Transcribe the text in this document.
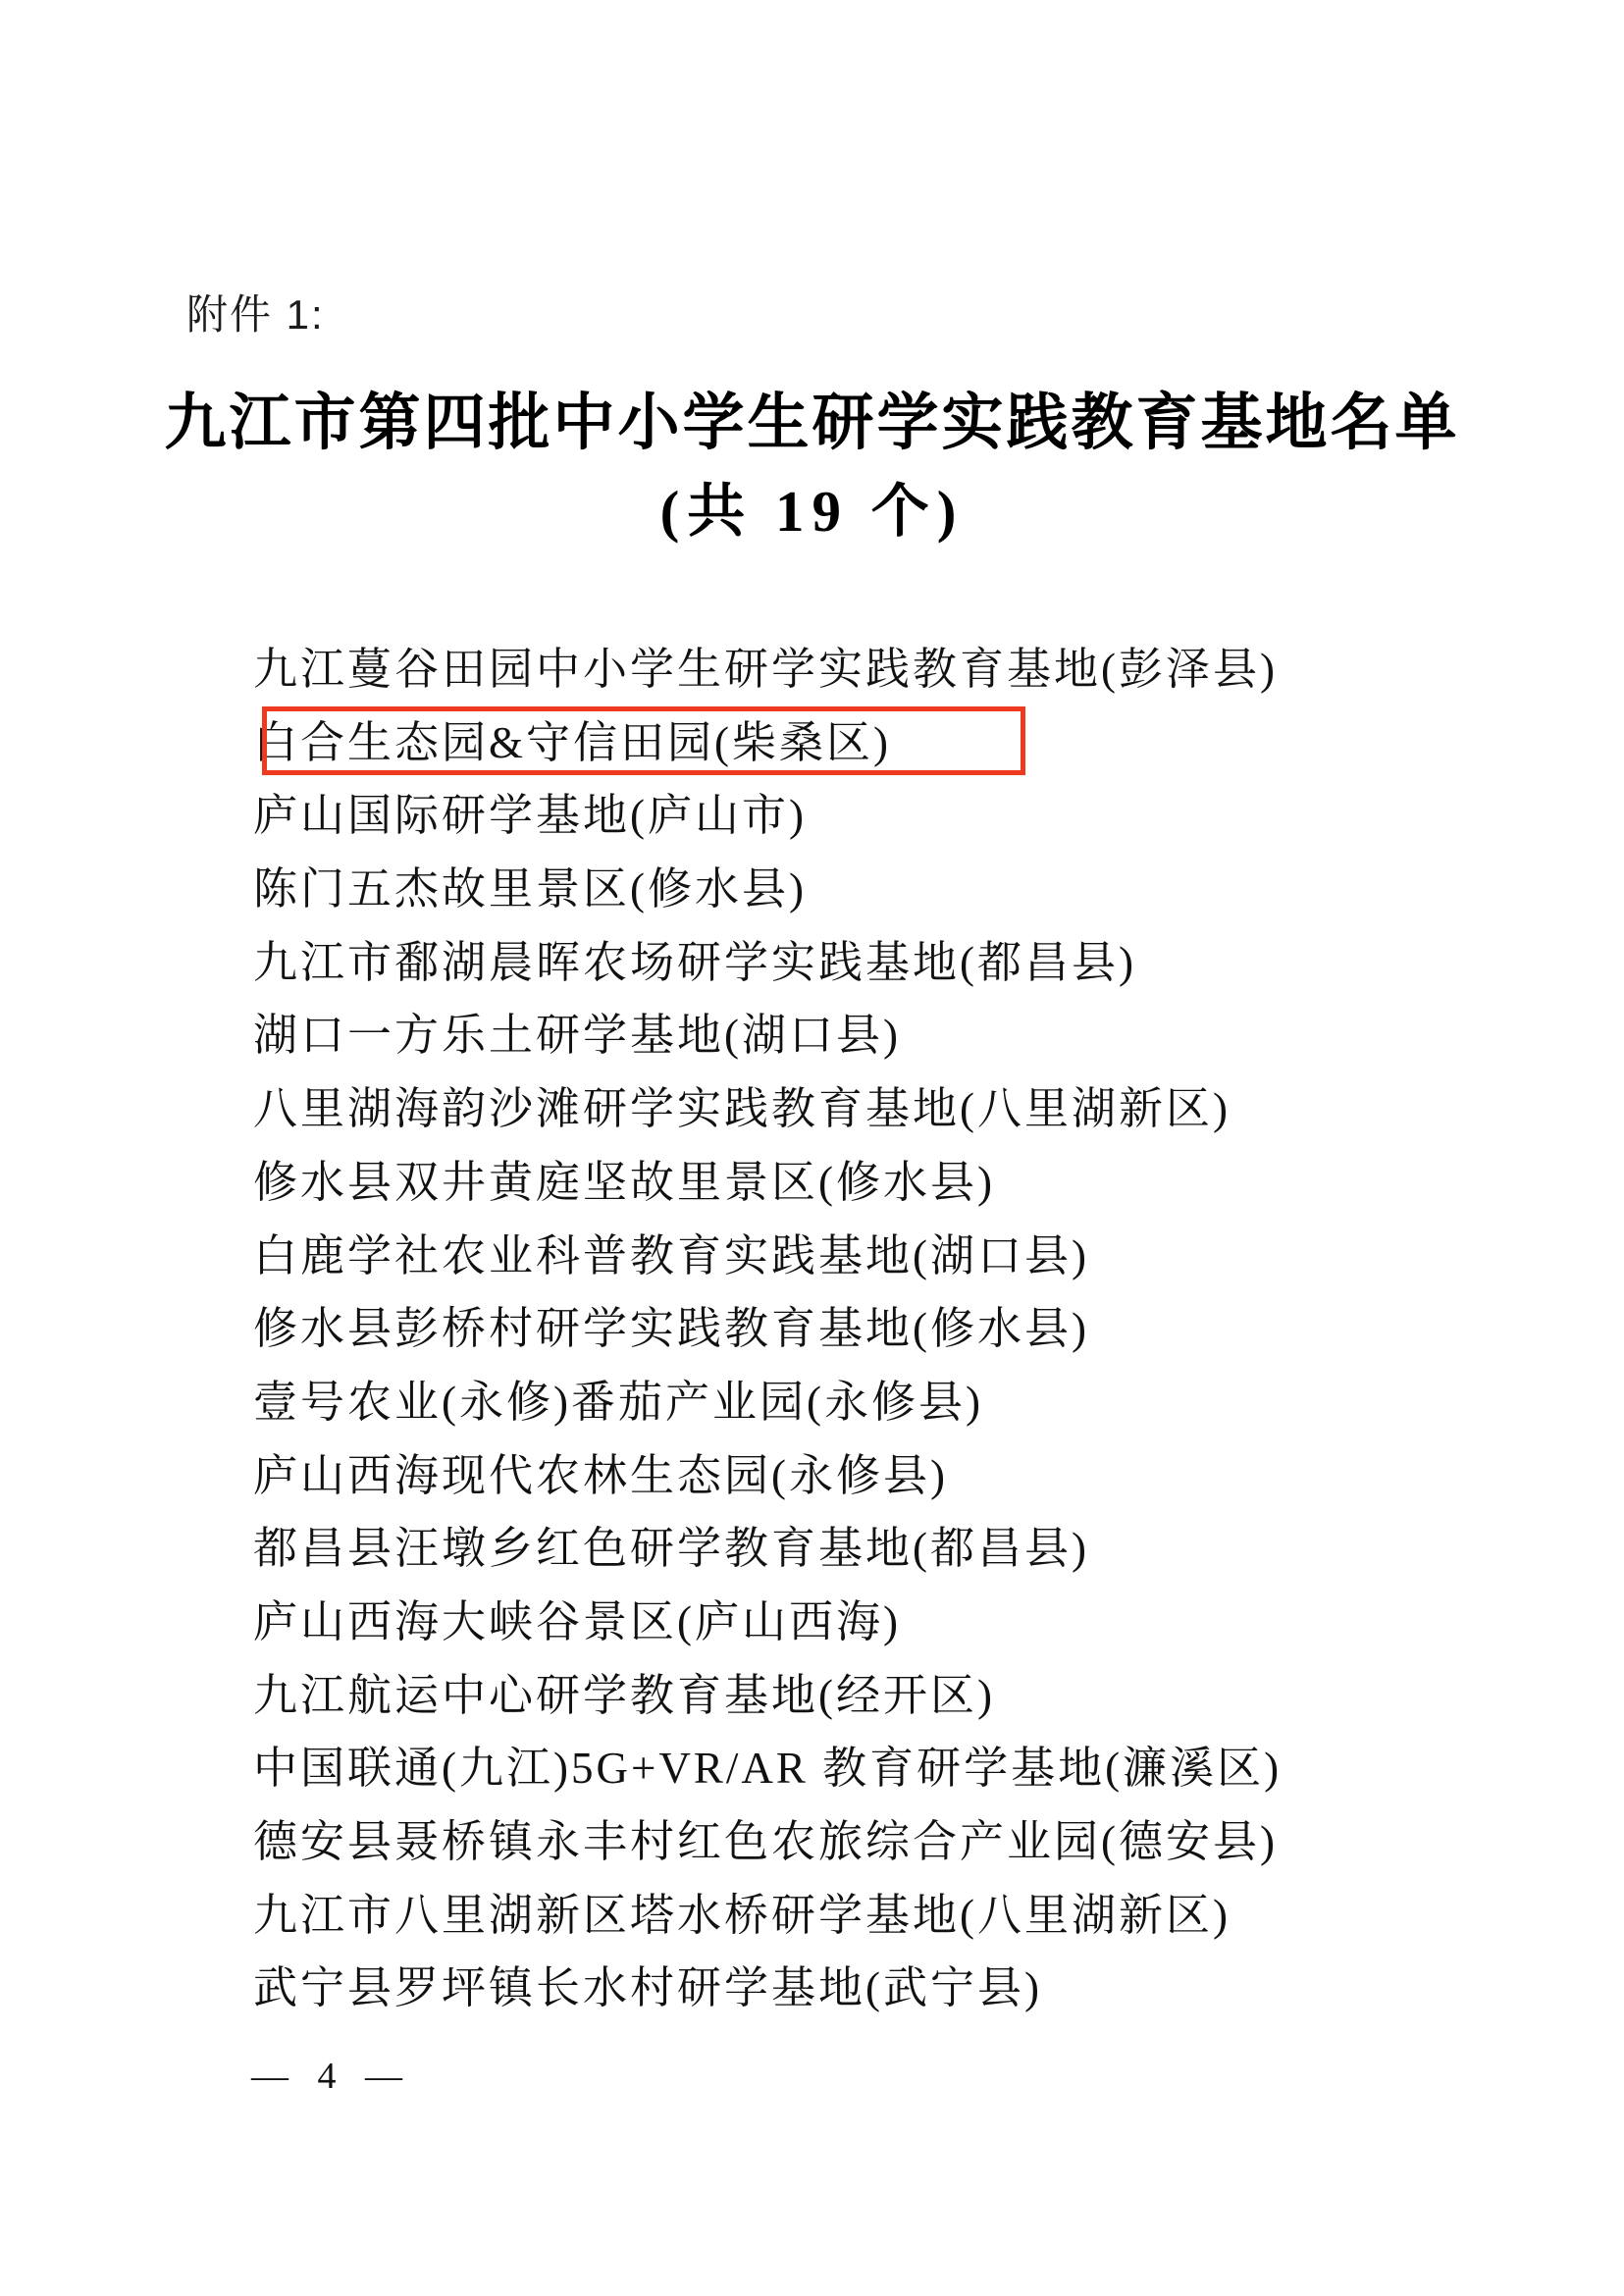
附件 1:
九江市第四批中小学生研学实践教育基地名单
(共 19 个)
九江蔓谷田园中小学生研学实践教育基地(彭泽县)
白合生态园&守信田园(柴桑区)
庐山国际研学基地(庐山市)
陈门五杰故里景区(修水县)
九江市鄱湖晨晖农场研学实践基地(都昌县)
湖口一方乐土研学基地(湖口县)
八里湖海韵沙滩研学实践教育基地(八里湖新区)
修水县双井黄庭坚故里景区(修水县)
白鹿学社农业科普教育实践基地(湖口县)
修水县彭桥村研学实践教育基地(修水县)
壹号农业(永修)番茄产业园(永修县)
庐山西海现代农林生态园(永修县)
都昌县汪墩乡红色研学教育基地(都昌县)
庐山西海大峡谷景区(庐山西海)
九江航运中心研学教育基地(经开区)
中国联通(九江)5G+VR/AR 教育研学基地(濂溪区)
德安县聂桥镇永丰村红色农旅综合产业园(德安县)
九江市八里湖新区塔水桥研学基地(八里湖新区)
武宁县罗坪镇长水村研学基地(武宁县)
— 4 —
